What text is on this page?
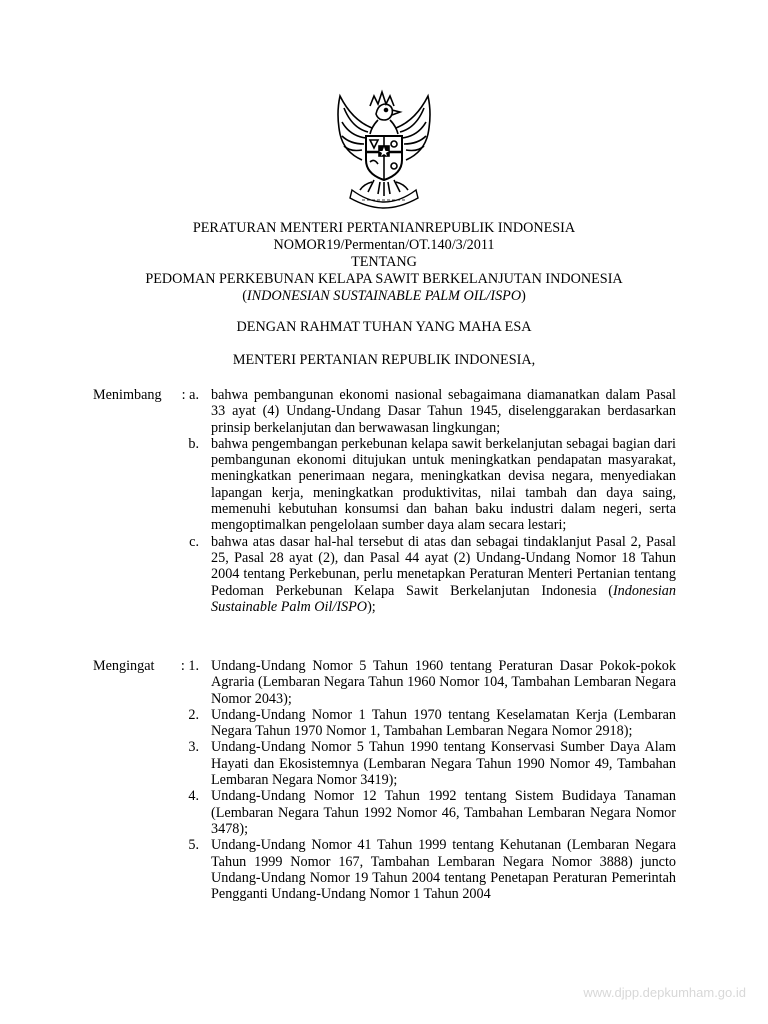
PERATURAN MENTERI PERTANIANREPUBLIK INDONESIA
NOMOR19/Permentan/OT.140/3/2011
TENTANG
PEDOMAN PERKEBUNAN KELAPA SAWIT BERKELANJUTAN INDONESIA
(INDONESIAN SUSTAINABLE PALM OIL/ISPO)
DENGAN RAHMAT TUHAN YANG MAHA ESA
MENTERI PERTANIAN REPUBLIK INDONESIA,
Menimbang	: a. bahwa pembangunan ekonomi nasional sebagaimana diamanatkan dalam Pasal 33 ayat (4) Undang-Undang Dasar Tahun 1945, diselenggarakan berdasarkan prinsip berkelanjutan dan berwawasan lingkungan;
b. bahwa pengembangan perkebunan kelapa sawit berkelanjutan sebagai bagian dari pembangunan ekonomi ditujukan untuk meningkatkan pendapatan masyarakat, meningkatkan penerimaan negara, meningkatkan devisa negara, menyediakan lapangan kerja, meningkatkan produktivitas, nilai tambah dan daya saing, memenuhi kebutuhan konsumsi dan bahan baku industri dalam negeri, serta mengoptimalkan pengelolaan sumber daya alam secara lestari;
c. bahwa atas dasar hal-hal tersebut di atas dan sebagai tindaklanjut Pasal 2, Pasal 25, Pasal 28 ayat (2), dan Pasal 44 ayat (2) Undang-Undang Nomor 18 Tahun 2004 tentang Perkebunan, perlu menetapkan Peraturan Menteri Pertanian tentang Pedoman Perkebunan Kelapa Sawit Berkelanjutan Indonesia (Indonesian Sustainable Palm Oil/ISPO);
Mengingat	: 1. Undang-Undang Nomor 5 Tahun 1960 tentang Peraturan Dasar Pokok-pokok Agraria (Lembaran Negara Tahun 1960 Nomor 104, Tambahan Lembaran Negara Nomor 2043);
2. Undang-Undang Nomor 1 Tahun 1970 tentang Keselamatan Kerja (Lembaran Negara Tahun 1970 Nomor 1, Tambahan Lembaran Negara Nomor 2918);
3. Undang-Undang Nomor 5 Tahun 1990 tentang Konservasi Sumber Daya Alam Hayati dan Ekosistemnya (Lembaran Negara Tahun 1990 Nomor 49, Tambahan Lembaran Negara Nomor 3419);
4. Undang-Undang Nomor 12 Tahun 1992 tentang Sistem Budidaya Tanaman (Lembaran Negara Tahun 1992 Nomor 46, Tambahan Lembaran Negara Nomor 3478);
5. Undang-Undang Nomor 41 Tahun 1999 tentang Kehutanan (Lembaran Negara Tahun 1999 Nomor 167, Tambahan Lembaran Negara Nomor 3888) juncto Undang-Undang Nomor 19 Tahun 2004 tentang Penetapan Peraturan Pemerintah Pengganti Undang-Undang Nomor 1 Tahun 2004
www.djpp.depkumham.go.id
